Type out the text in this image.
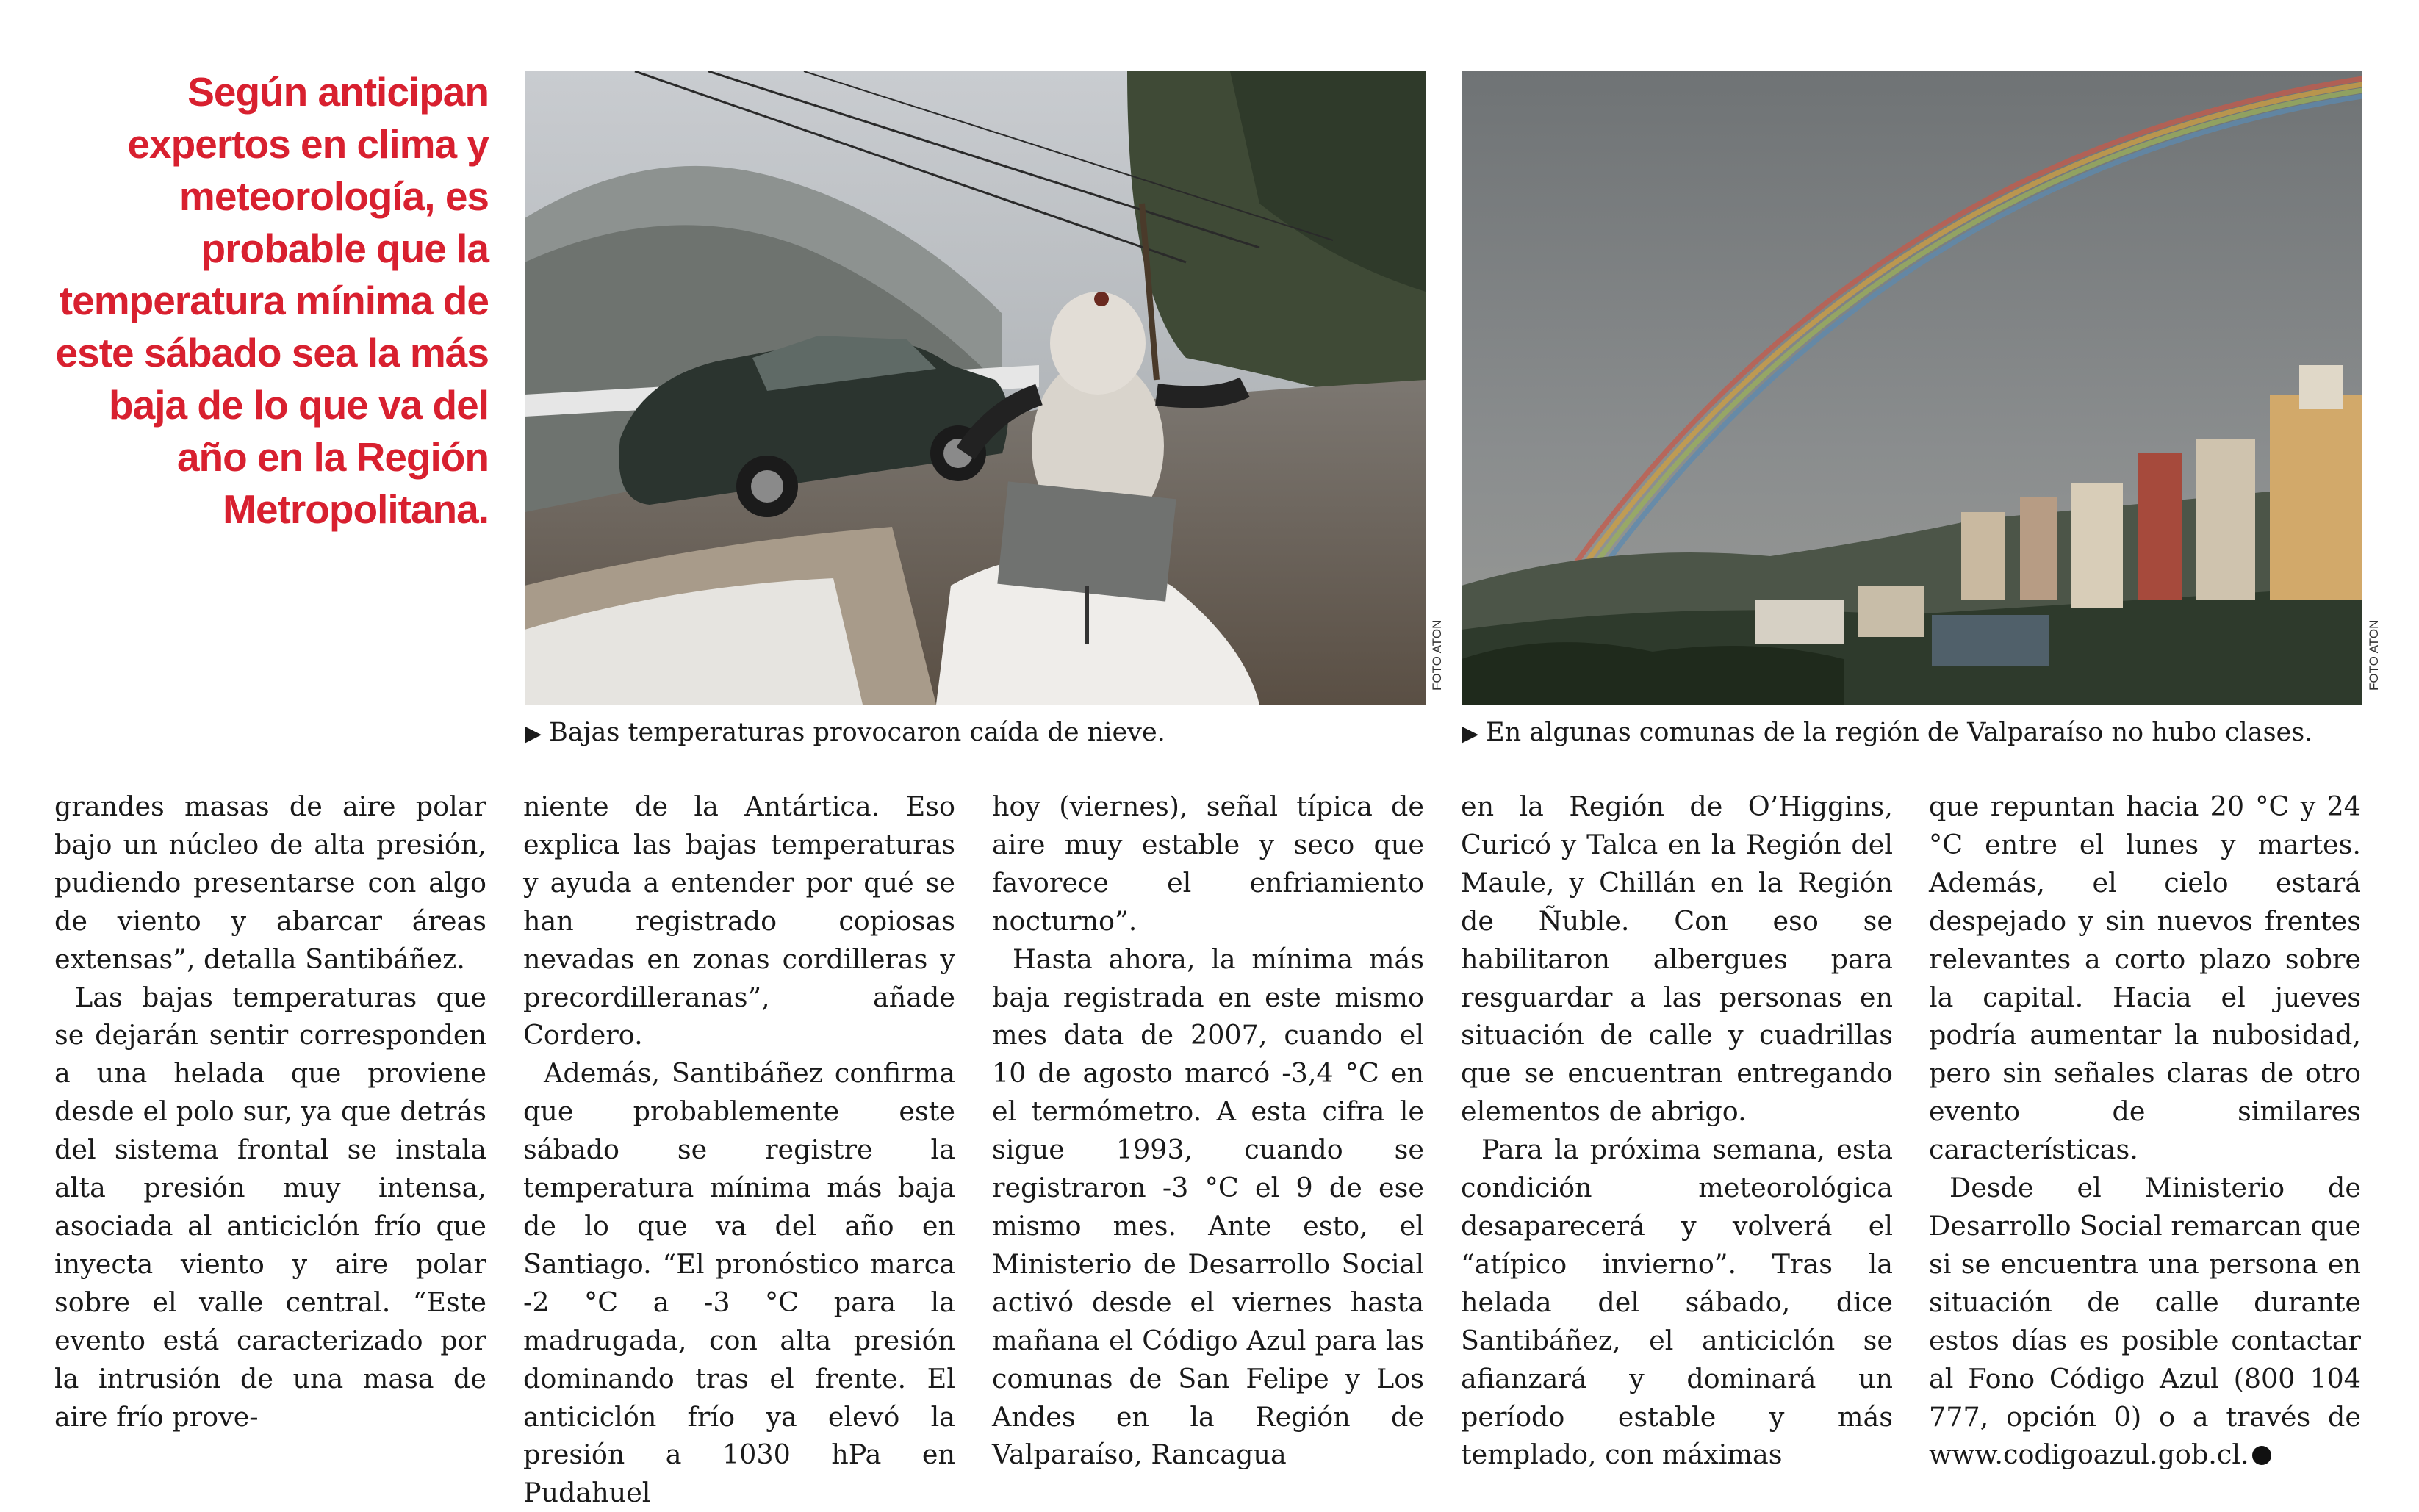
Según anticipan expertos en clima y meteorología, es probable que la temperatura mínima de este sábado sea la más baja de lo que va del año en la Región Metropolitana.
FOTO ATON	FOTO ATON
▶ Bajas temperaturas provocaron caída de nieve.	▶ En algunas comunas de la región de Valparaíso no hubo clases.

grandes masas de aire polar bajo un núcleo de alta presión, pudiendo presentarse con algo de viento y abarcar áreas extensas”, detalla Santibáñez.

Las bajas temperaturas que se dejarán sentir corresponden a una helada que proviene desde el polo sur, ya que detrás del sistema frontal se instala alta presión muy intensa, asociada al anticiclón frío que inyecta viento y aire polar sobre el valle central. “Este evento está caracterizado por la intrusión de una masa de aire frío prove-

niente de la Antártica. Eso explica las bajas temperaturas y ayuda a entender por qué se han registrado copiosas nevadas en zonas cordilleras y precordilleranas”, añade Cordero.

Además, Santibáñez confirma que probablemente este sábado se registre la temperatura mínima más baja de lo que va del año en Santiago. “El pronóstico marca -2 °C a -3 °C para la madrugada, con alta presión dominando tras el frente. El anticiclón frío ya elevó la presión a 1030 hPa en Pudahuel

hoy (viernes), señal típica de aire muy estable y seco que favorece el enfriamiento nocturno”.

Hasta ahora, la mínima más baja registrada en este mismo mes data de 2007, cuando el 10 de agosto marcó -3,4 °C en el termómetro. A esta cifra le sigue 1993, cuando se registraron -3 °C el 9 de ese mismo mes. Ante esto, el Ministerio de Desarrollo Social activó desde el viernes hasta mañana el Código Azul para las comunas de San Felipe y Los Andes en la Región de Valparaíso, Rancagua

en la Región de O’Higgins, Curicó y Talca en la Región del Maule, y Chillán en la Región de Ñuble. Con eso se habilitaron albergues para resguardar a las personas en situación de calle y cuadrillas que se encuentran entregando elementos de abrigo.

Para la próxima semana, esta condición meteorológica desaparecerá y volverá el “atípico invierno”. Tras la helada del sábado, dice Santibáñez, el anticiclón se afianzará y dominará un período estable y más templado, con máximas

que repuntan hacia 20 °C y 24 °C entre el lunes y martes. Además, el cielo estará despejado y sin nuevos frentes relevantes a corto plazo sobre la capital. Hacia el jueves podría aumentar la nubosidad, pero sin señales claras de otro evento de similares características.

Desde el Ministerio de Desarrollo Social remarcan que si se encuentra una persona en situación de calle durante estos días es posible contactar al Fono Código Azul (800 104 777, opción 0) o a través de www.codigoazul.gob.cl.
